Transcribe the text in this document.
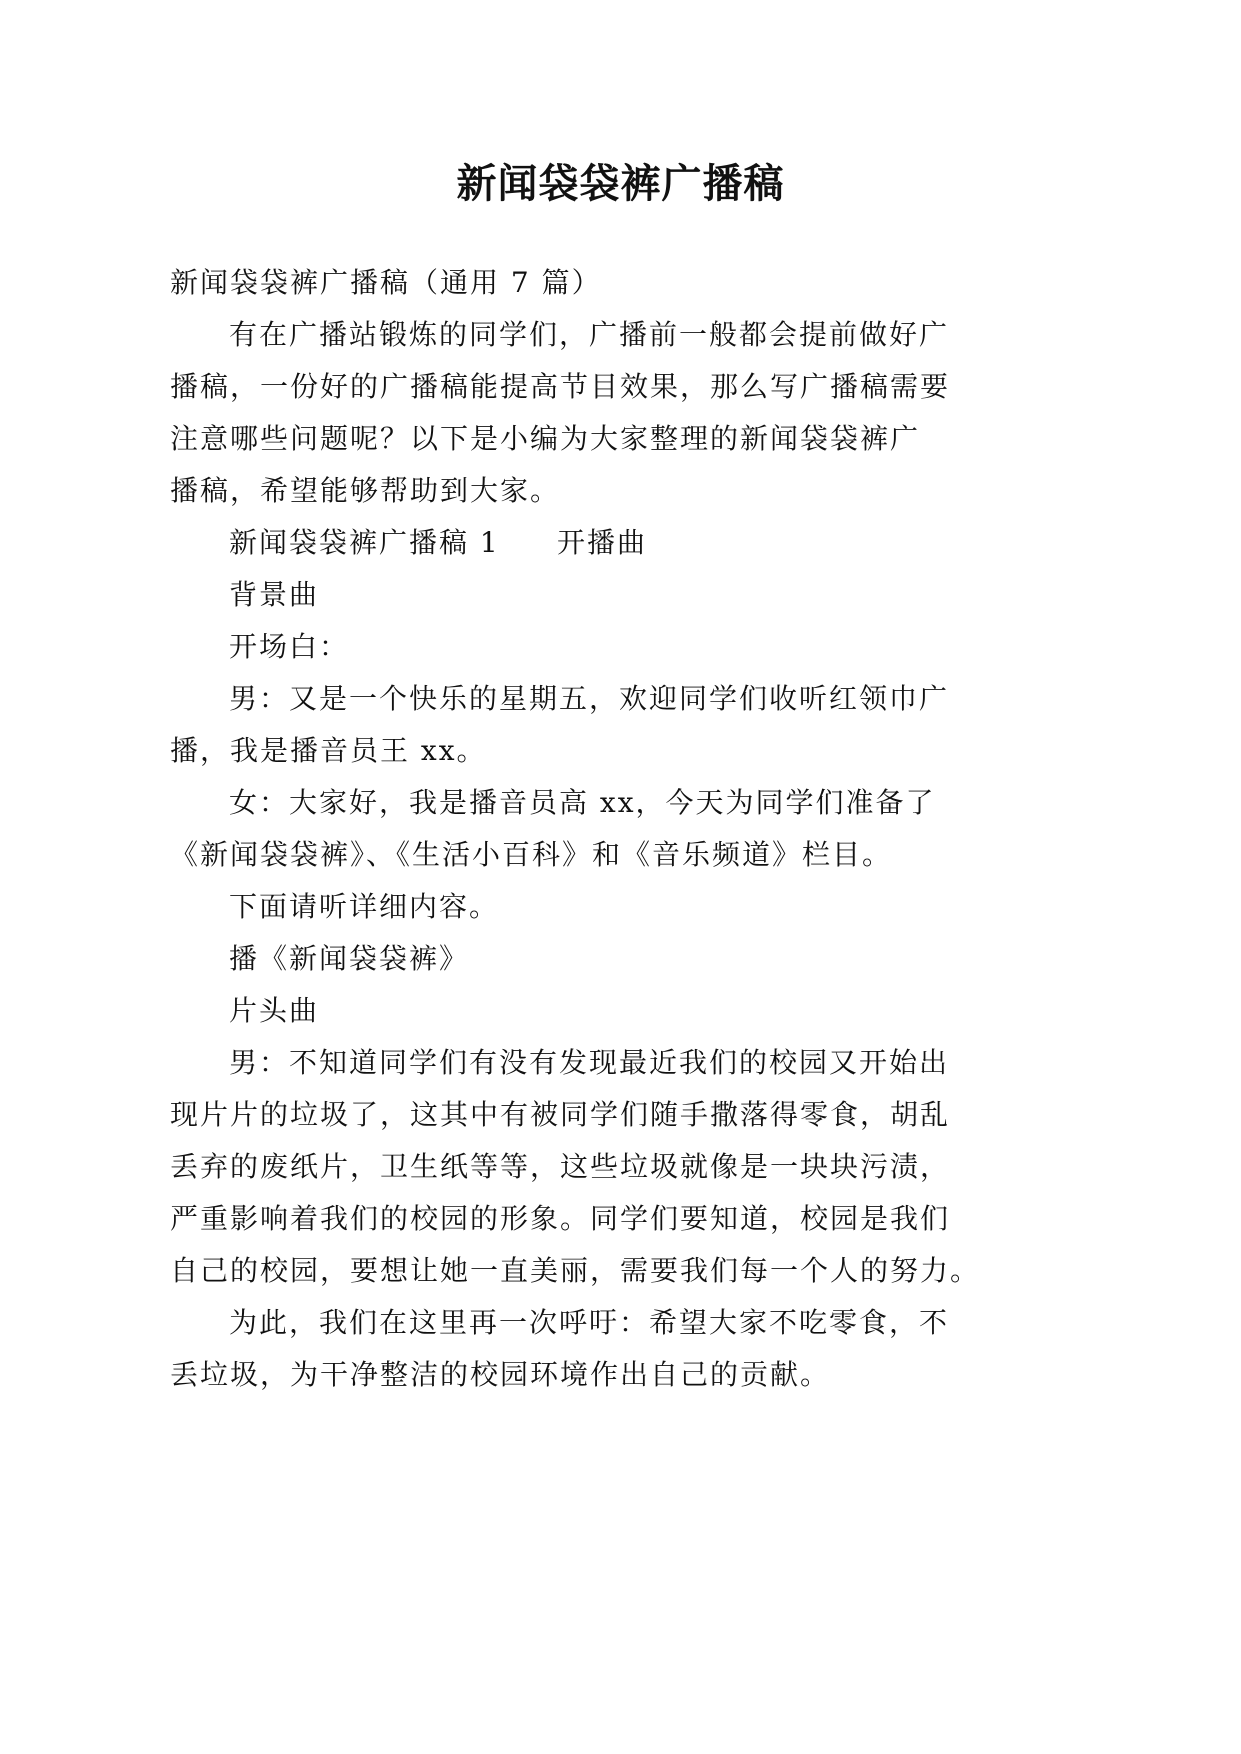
新闻袋袋裤广播稿
新闻袋袋裤广播稿（通用 7 篇）
有在广播站锻炼的同学们，广播前一般都会提前做好广
播稿，一份好的广播稿能提高节目效果，那么写广播稿需要
注意哪些问题呢？以下是小编为大家整理的新闻袋袋裤广
播稿，希望能够帮助到大家。
新闻袋袋裤广播稿 1 开播曲
背景曲
开场白：
男：又是一个快乐的星期五，欢迎同学们收听红领巾广
播，我是播音员王 xx。
女：大家好，我是播音员高 xx，今天为同学们准备了
《新闻袋袋裤》、《生活小百科》和《音乐频道》栏目。
下面请听详细内容。
播《新闻袋袋裤》
片头曲
男：不知道同学们有没有发现最近我们的校园又开始出
现片片的垃圾了，这其中有被同学们随手撒落得零食，胡乱
丢弃的废纸片，卫生纸等等，这些垃圾就像是一块块污渍，
严重影响着我们的校园的形象。同学们要知道，校园是我们
自己的校园，要想让她一直美丽，需要我们每一个人的努力。
为此，我们在这里再一次呼吁：希望大家不吃零食，不
丢垃圾，为干净整洁的校园环境作出自己的贡献。
